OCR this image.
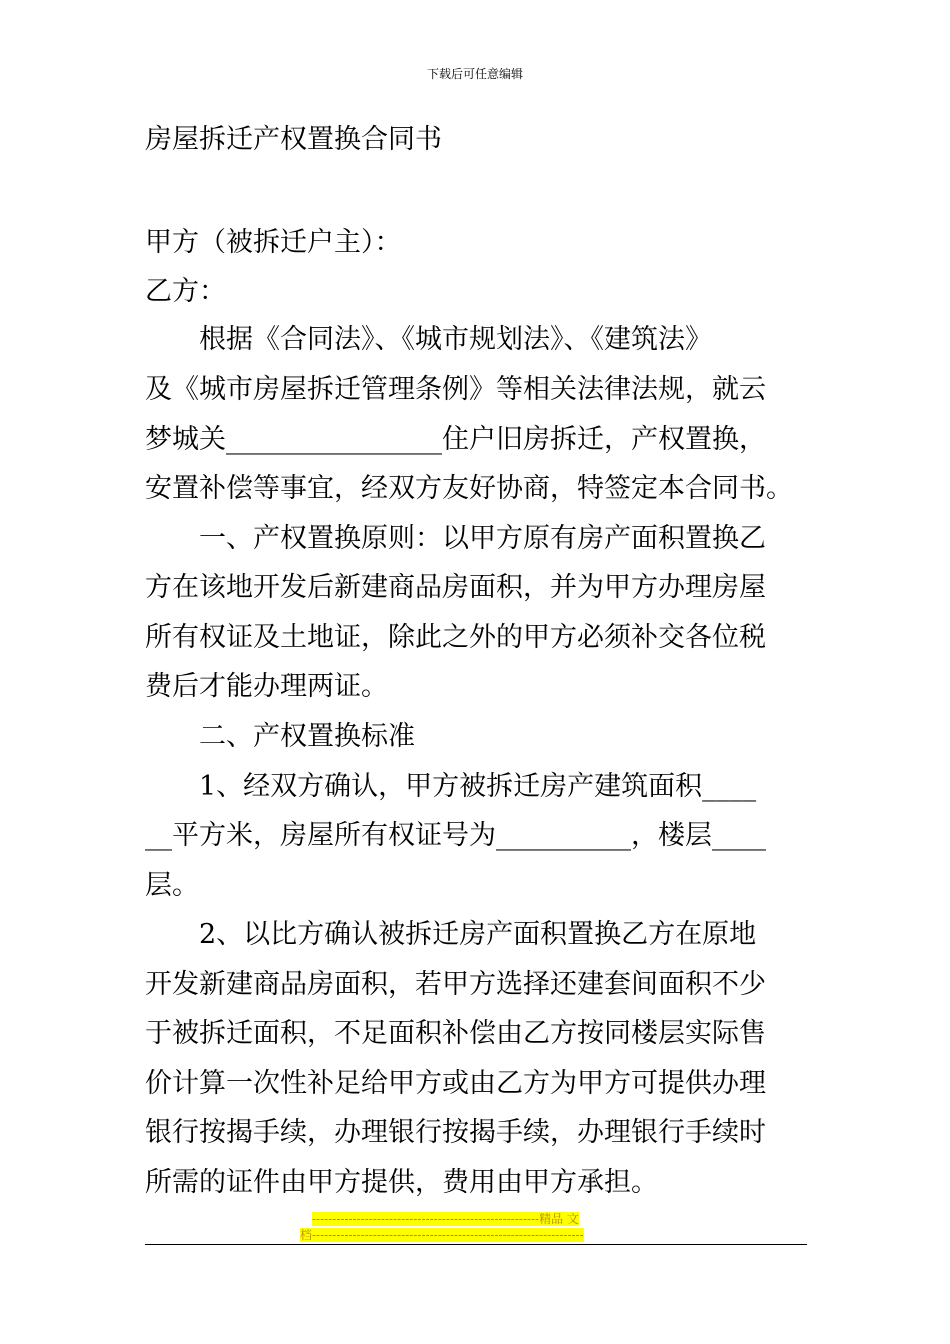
下载后可任意编辑
房屋拆迁产权置换合同书
甲方（被拆迁户主）：
乙方：
　　根据《合同法》、《城市规划法》、《建筑法》
及《城市房屋拆迁管理条例》等相关法律法规，就云
梦城关________________住户旧房拆迁，产权置换，
安置补偿等事宜，经双方友好协商，特签定本合同书。
　　一、产权置换原则：以甲方原有房产面积置换乙
方在该地开发后新建商品房面积，并为甲方办理房屋
所有权证及土地证，除此之外的甲方必须补交各位税
费后才能办理两证。
　　二、产权置换标准
　　1、经双方确认，甲方被拆迁房产建筑面积____
__平方米，房屋所有权证号为__________，楼层____
层。
　　2、以比方确认被拆迁房产面积置换乙方在原地
开发新建商品房面积，若甲方选择还建套间面积不少
于被拆迁面积，不足面积补偿由乙方按同楼层实际售
价计算一次性补足给甲方或由乙方为甲方可提供办理
银行按揭手续，办理银行按揭手续，办理银行手续时
所需的证件由甲方提供，费用由甲方承担。
--------------------------------------------------------精品 文
档-------------------------------------------------------------------
